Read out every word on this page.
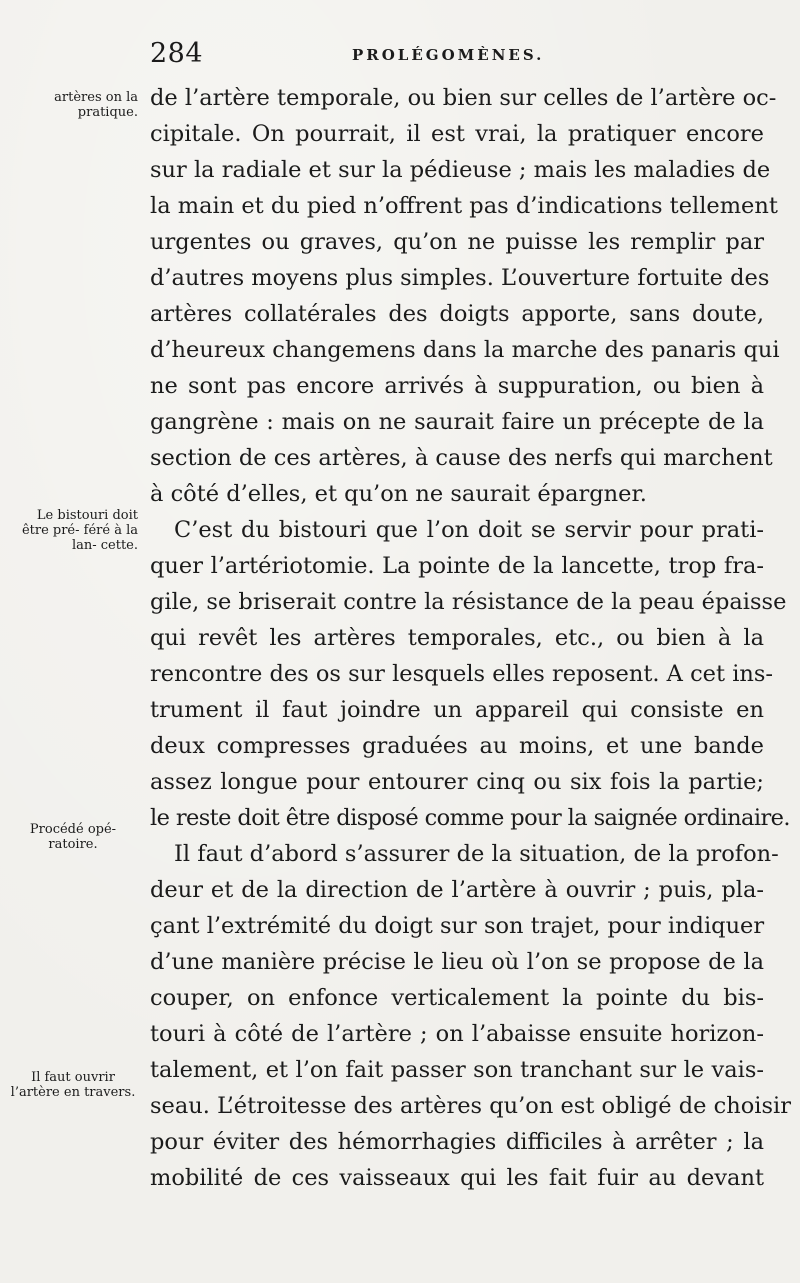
284	PROLÉGOMÈNES.
artères on la pratique.
Le bistouri doit être pré- féré à la lan- cette.
Procédé opé- ratoire.
Il faut ouvrir l’artère en travers.
de l’artère temporale, ou bien sur celles de l’artère oc-
cipitale. On pourrait, il est vrai, la pratiquer encore
sur la radiale et sur la pédieuse ; mais les maladies de
la main et du pied n’offrent pas d’indications tellement
urgentes ou graves, qu’on ne puisse les remplir par
d’autres moyens plus simples. L’ouverture fortuite des
artères collatérales des doigts apporte, sans doute,
d’heureux changemens dans la marche des panaris qui
ne sont pas encore arrivés à suppuration, ou bien à
gangrène : mais on ne saurait faire un précepte de la
section de ces artères, à cause des nerfs qui marchent
à côté d’elles, et qu’on ne saurait épargner.
C’est du bistouri que l’on doit se servir pour prati-
quer l’artériotomie. La pointe de la lancette, trop fra-
gile, se briserait contre la résistance de la peau épaisse
qui revêt les artères temporales, etc., ou bien à la
rencontre des os sur lesquels elles reposent. A cet ins-
trument il faut joindre un appareil qui consiste en
deux compresses graduées au moins, et une bande
assez longue pour entourer cinq ou six fois la partie;
le reste doit être disposé comme pour la saignée ordinaire.
Il faut d’abord s’assurer de la situation, de la profon-
deur et de la direction de l’artère à ouvrir ; puis, pla-
çant l’extrémité du doigt sur son trajet, pour indiquer
d’une manière précise le lieu où l’on se propose de la
couper, on enfonce verticalement la pointe du bis-
touri à côté de l’artère ; on l’abaisse ensuite horizon-
talement, et l’on fait passer son tranchant sur le vais-
seau. L’étroitesse des artères qu’on est obligé de choisir
pour éviter des hémorrhagies difficiles à arrêter ; la
mobilité de ces vaisseaux qui les fait fuir au devant
